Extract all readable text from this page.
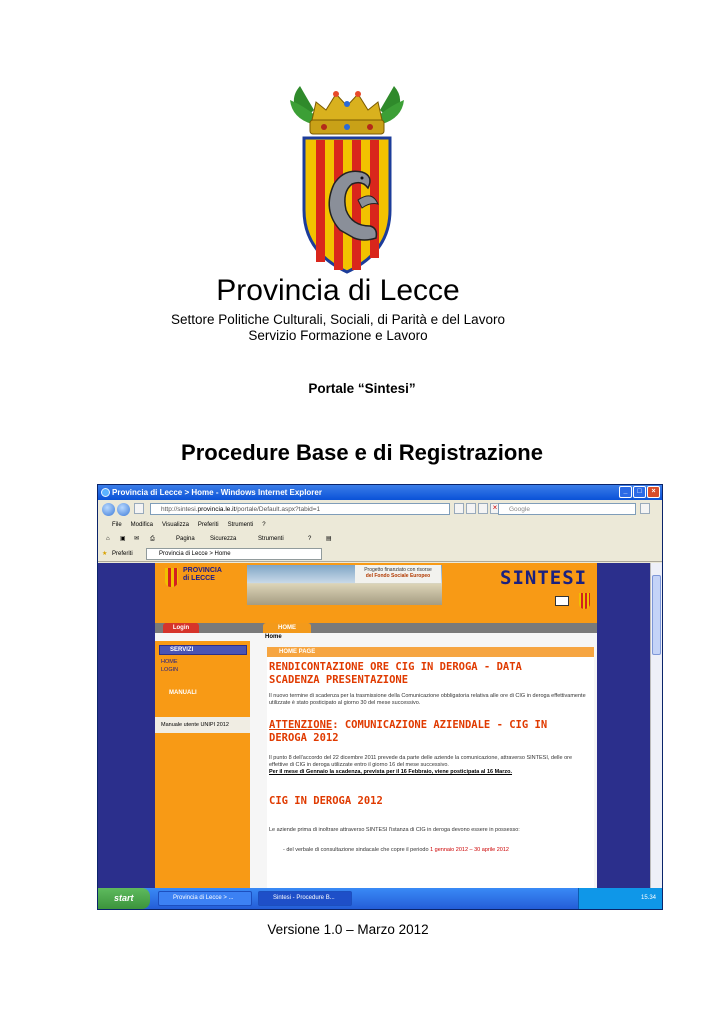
Provincia di Lecce
Settore Politiche Culturali, Sociali, di Parità e del Lavoro
Servizio Formazione e Lavoro
Portale “Sintesi”
Procedure Base e di Registrazione
Provincia di Lecce > Home - Windows Internet Explorer	_	□	×
http://sintesi.provincia.le.it/portale/Default.aspx?tabid=1	×	Google
File Modifica Visualizza Preferiti Strumenti ?
⌂ ▣ ✉ ⎙	Pagina	Sicurezza	Strumenti	? ▤
★ Preferiti	Provincia di Lecce > Home
PROVINCIA
di LECCE
Progetto finanziato con risorse
del Fondo Sociale Europeo	SINTESI
Login	HOME
Home
SERVIZI
HOME
LOGIN
MANUALI
Manuale utente UNIPI 2012
HOME PAGE
RENDICONTAZIONE ORE CIG IN DEROGA - DATA SCADENZA PRESENTAZIONE
Il nuovo termine di scadenza per la trasmissione della Comunicazione obbligatoria relativa alle ore di CIG in deroga effettivamente utilizzate è stato posticipato al giorno 30 del mese successivo.
ATTENZIONE: COMUNICAZIONE AZIENDALE - CIG IN DEROGA 2012
Il punto 8 dell'accordo del 22 dicembre 2011 prevede da parte delle aziende la comunicazione, attraverso SINTESI, delle ore effettive di CIG in deroga utilizzate entro il giorno 16 del mese successivo.
Per il mese di Gennaio la scadenza, prevista per il 16 Febbraio, viene posticipata al 16 Marzo.
CIG IN DEROGA 2012
Le aziende prima di inoltrare attraverso SINTESI l'istanza di CIG in deroga devono essere in possesso:
- del verbale di consultazione sindacale che copre il periodo 1 gennaio 2012 – 30 aprile 2012
start	Provincia di Lecce > ...	Sintesi - Procedure B...	15.34
Versione 1.0 – Marzo 2012
